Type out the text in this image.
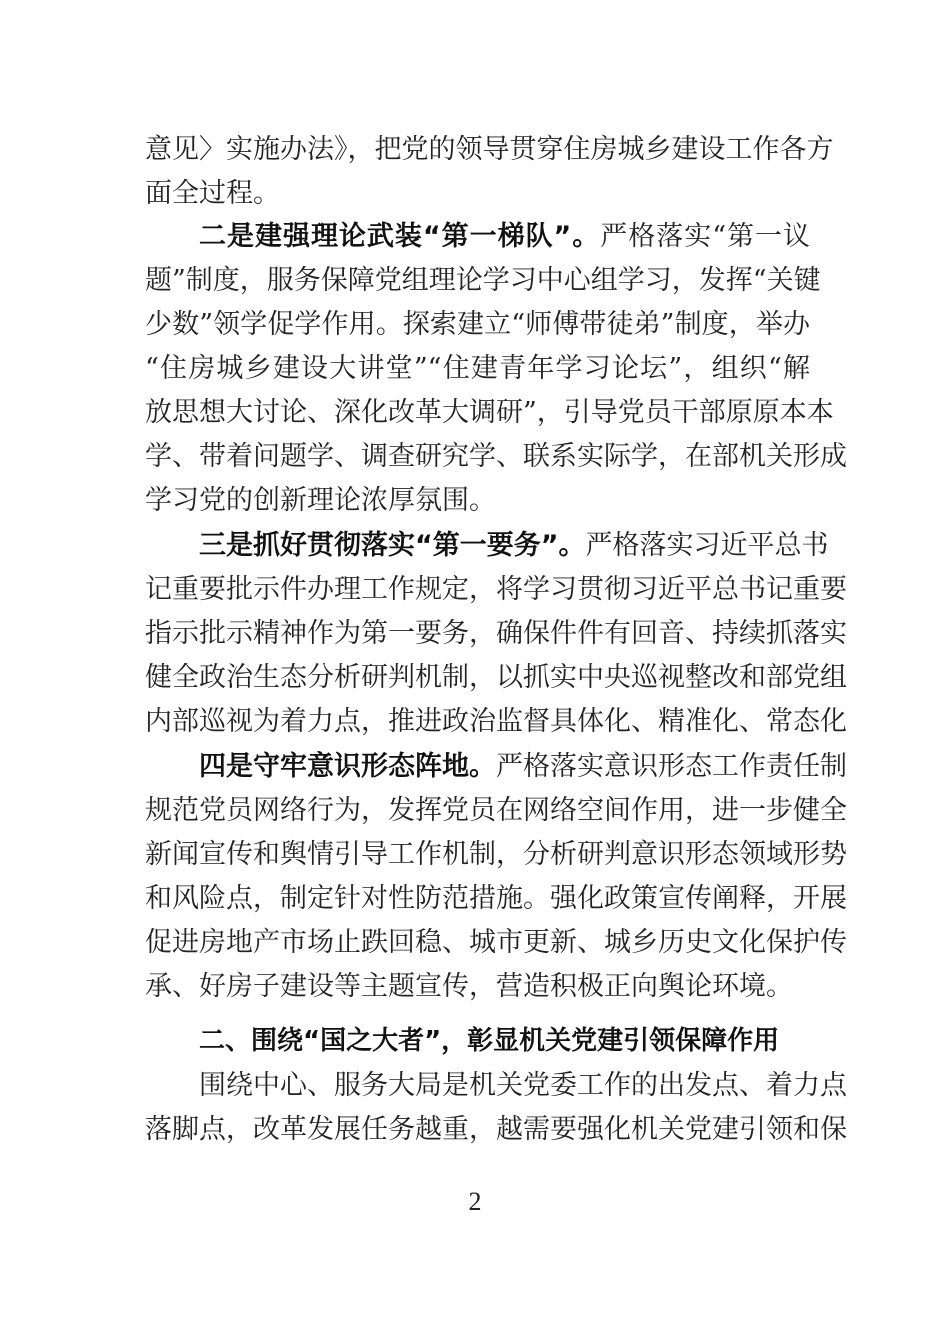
意见〉实施办法》，把党的领导贯穿住房城乡建设工作各方
面全过程。
二是建强理论武装“第一梯队”。严格落实“第一议
题”制度，服务保障党组理论学习中心组学习，发挥“关键
少数”领学促学作用。探索建立“师傅带徒弟”制度，举办
“住房城乡建设大讲堂”“住建青年学习论坛”，组织“解
放思想大讨论、深化改革大调研”，引导党员干部原原本本
学、带着问题学、调查研究学、联系实际学，在部机关形成
学习党的创新理论浓厚氛围。
三是抓好贯彻落实“第一要务”。严格落实习近平总书
记重要批示件办理工作规定，将学习贯彻习近平总书记重要
指示批示精神作为第一要务，确保件件有回音、持续抓落实
健全政治生态分析研判机制，以抓实中央巡视整改和部党组
内部巡视为着力点，推进政治监督具体化、精准化、常态化
四是守牢意识形态阵地。严格落实意识形态工作责任制
规范党员网络行为，发挥党员在网络空间作用，进一步健全
新闻宣传和舆情引导工作机制，分析研判意识形态领域形势
和风险点，制定针对性防范措施。强化政策宣传阐释，开展
促进房地产市场止跌回稳、城市更新、城乡历史文化保护传
承、好房子建设等主题宣传，营造积极正向舆论环境。
二、围绕“国之大者”，彰显机关党建引领保障作用
围绕中心、服务大局是机关党委工作的出发点、着力点
落脚点，改革发展任务越重，越需要强化机关党建引领和保
2
